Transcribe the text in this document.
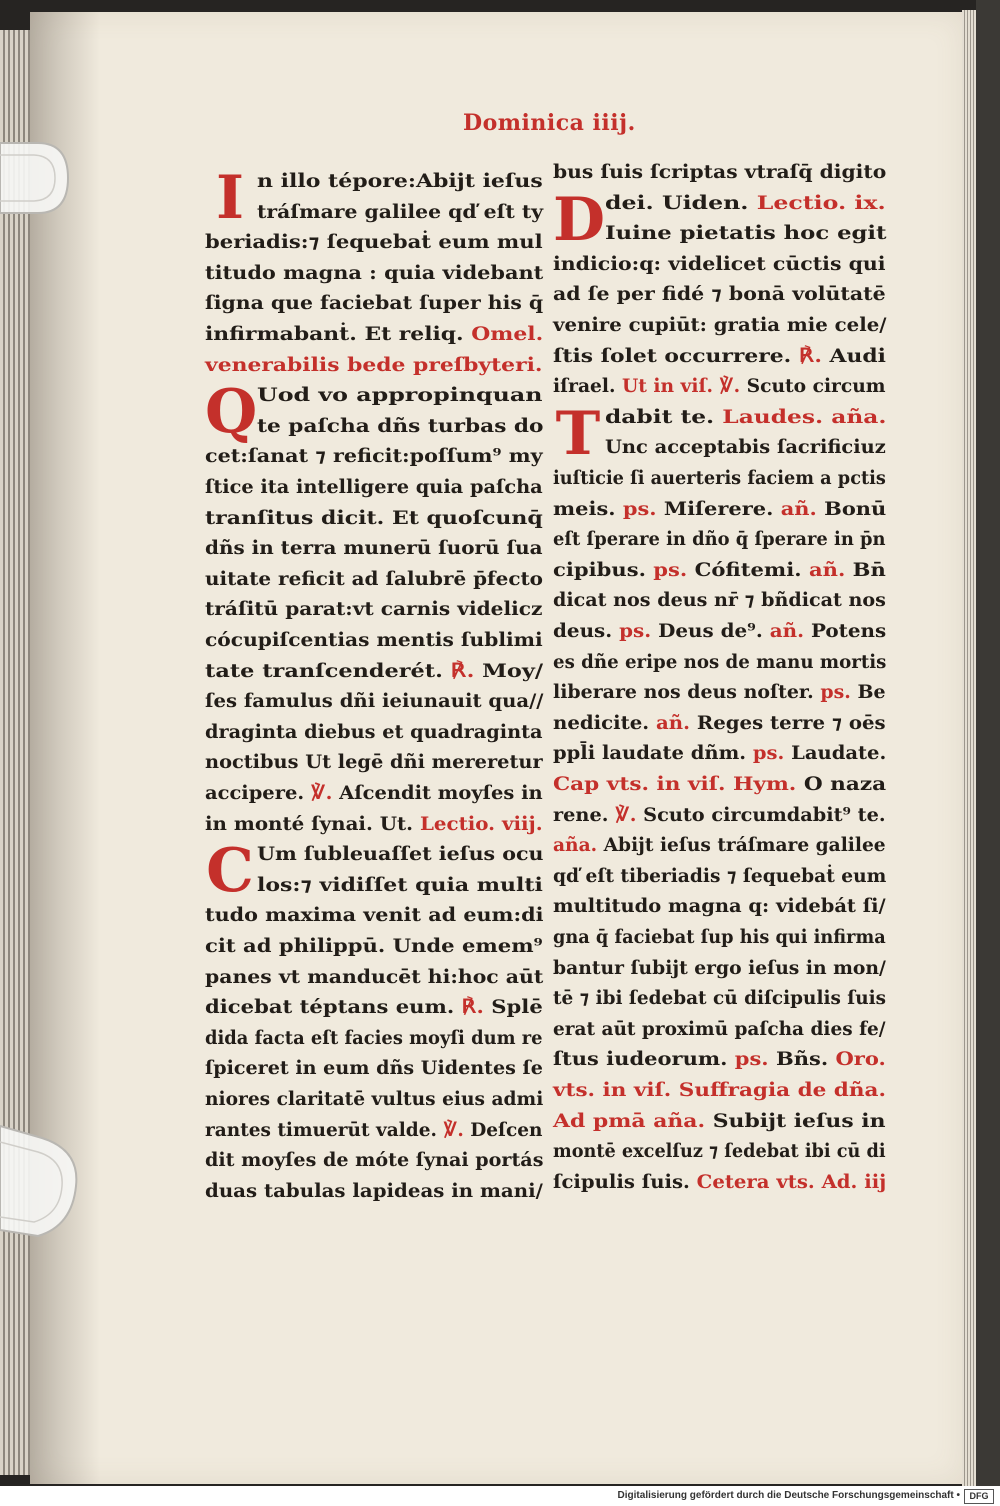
Dominica iiij.
I n illo tépore:Abijt ieſus
tráſmare galilee qď eſt ty
beriadis:⁊ ſequebaṫ eum mul
titudo magna : quia videbant
ſigna que faciebat ſuper his q̄
infirmabanṫ. Et reliq. Omel.
venerabilis bede preſbyteri.
Q Uod vo appropinquan
te paſcha dñs turbas do
cet:ſanat ⁊ reficit:poſſum⁹ my
ſtice ita intelligere quia paſcha
tranſitus dicit. Et quoſcunq̄
dñs in terra munerū ſuorū ſua
uitate reficit ad ſalubrē p̄fecto
tráſitū parat:vt carnis videlicz
cócupiſcentias mentis ſublimi
tate tranſcenderét. ℟. Moy/
ſes famulus dñi ieiunauit qua//
draginta diebus et quadraginta
noctibus Ut legē dñi mereretur
accipere. ℣. Aſcendit moyſes in
in monté ſynai. Ut. Lectio. viij.
C Um ſubleuaſſet ieſus ocu
los:⁊ vidiſſet quia multi
tudo maxima venit ad eum:di
cit ad philippū. Unde emem⁹
panes vt manducēt hi:hoc aūt
dicebat téptans eum. ℟. Splē
dida facta eſt facies moyſi dum re
ſpiceret in eum dñs Uidentes ſe
niores claritatē vultus eius admi
rantes timuerūt valde. ℣. Deſcen
dit moyſes de móte ſynai portás
duas tabulas lapideas in mani/
bus ſuis ſcriptas vtraſq̄ digito
D dei. Uiden. Lectio. ix.
Iuine pietatis hoc egit
indicio:q: videlicet cūctis qui
ad ſe per fidé ⁊ bonā volūtatē
venire cupiūt: gratia mie cele/
ſtis ſolet occurrere. ℟. Audi
iſrael. Ut in viſ. ℣. Scuto circum
T dabit te. Laudes. aña.
Unc acceptabis ſacrificiuz
iuſticie ſi auerteris faciem a pctis
meis. ps. Miſerere. añ. Bonū
eſt ſperare in dño q̄ ſperare in p̄n
cipibus. ps. Cófitemi. añ. Bn̄
dicat nos deus nr̄ ⁊ bñdicat nos
deus. ps. Deus de⁹. añ. Potens
es dñe eripe nos de manu mortis
liberare nos deus noſter. ps. Be
nedicite. añ. Reges terre ⁊ oēs
ppl̄i laudate dñm. ps. Laudate.
Cap vts. in viſ. Hym. O naza
rene. ℣. Scuto circumdabit⁹ te.
aña. Abijt ieſus tráſmare galilee
qď eſt tiberiadis ⁊ ſequebaṫ eum
multitudo magna q: videbát ſi/
gna q̄ faciebat ſup his qui infirma
bantur ſubijt ergo ieſus in mon/
tē ⁊ ibi ſedebat cū diſcipulis ſuis
erat aūt proximū paſcha dies fe/
ſtus iudeorum. ps. Bñs. Oro.
vts. in viſ. Suffragia de dña.
Ad pmā aña. Subijt ieſus in
montē excelſuz ⁊ ſedebat ibi cū di
ſcipulis ſuis. Cetera vts. Ad. iij
Digitalisierung gefördert durch die Deutsche Forschungsgemeinschaft •	DFG
